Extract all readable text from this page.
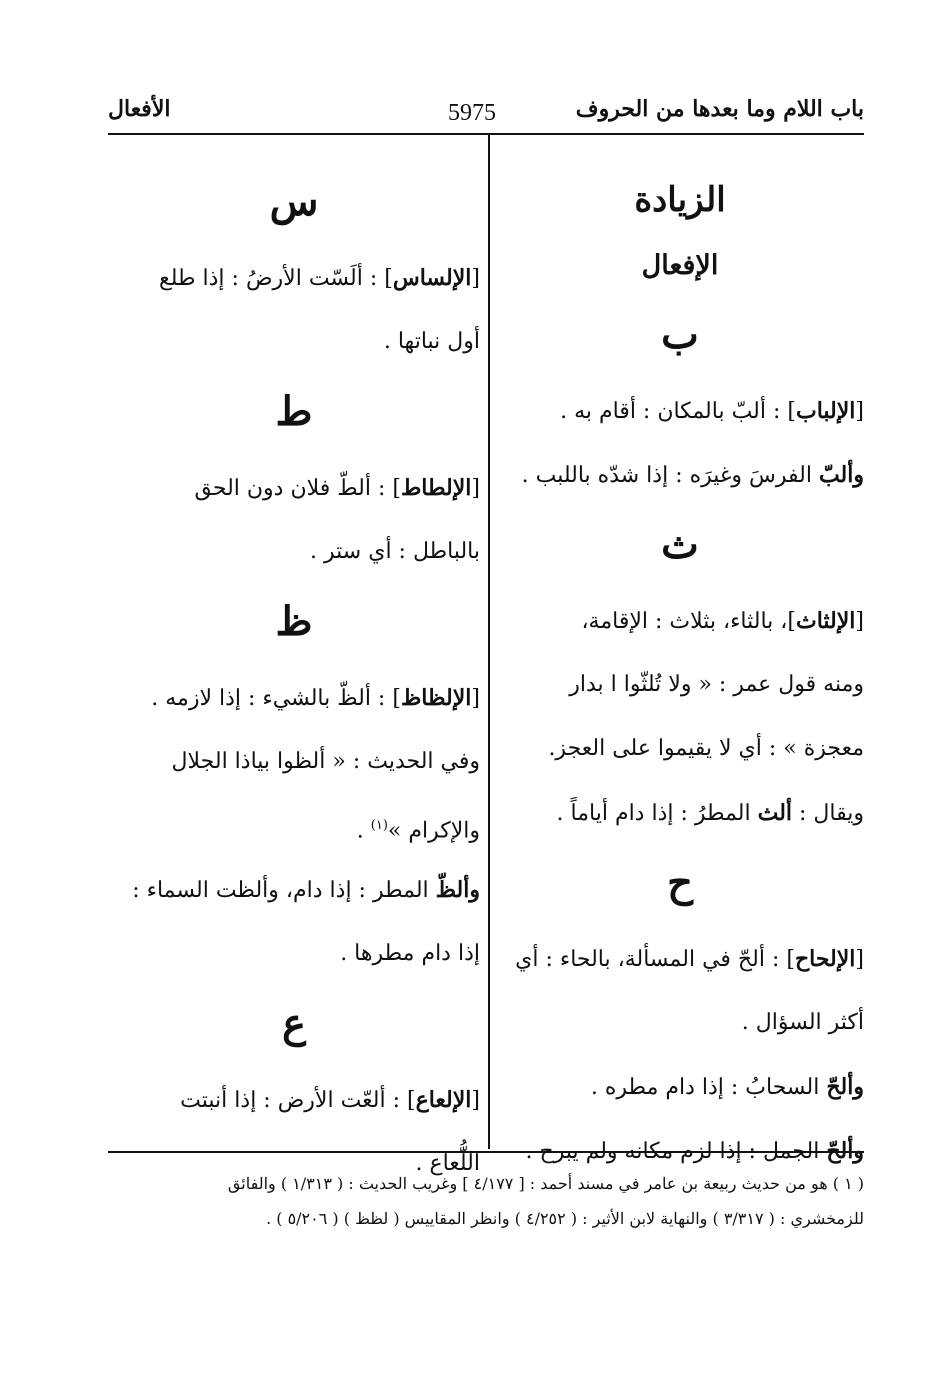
باب اللام وما بعدها من الحروف
5975
الأفعال
الزيادة
الإفعال
ب
[الإلباب] : ألبّ بالمكان : أقام به .
وألبّ الفرسَ وغيرَه : إذا شدّه باللبب .
ث
[الإلثاث]، بالثاء، بثلاث : الإقامة،
ومنه قول عمر : « ولا تُلثّوا ا بدار
معجزة » : أي لا يقيموا على العجز.
ويقال : ألث المطرُ : إذا دام أياماً .
ح
[الإلحاح] : ألحّ في المسألة، بالحاء : أي
أكثر السؤال .
وألحّ السحابُ : إذا دام مطره .
وألحّ الجمل : إذا لزم مكانه ولم يبرح .
س
[الإلساس] : ألَسّت الأرضُ : إذا طلع
أول نباتها .
ط
[الإلطاط] : ألطّ فلان دون الحق
بالباطل : أي ستر .
ظ
[الإلظاظ] : ألظّ بالشيء : إذا لازمه .
وفي الحديث : « ألظوا بياذا الجلال
والإكرام »$^{(١)}$ .
وألظّ المطر : إذا دام، وألظت السماء :
إذا دام مطرها .
ع
[الإلعاع] : ألعّت الأرض : إذا أنبتت
اللُّعاع .
( ١ ) هو من حديث ربيعة بن عامر في مسند أحمد : [ ٤/١٧٧ ] وغريب الحديث : ( ١/٣١٣ ) والفائق
للزمخشري : ( ٣/٣١٧ ) والنهاية لابن الأثير : ( ٤/٢٥٢ ) وانظر المقاييس ( لظظ ) ( ٥/٢٠٦ ) .
